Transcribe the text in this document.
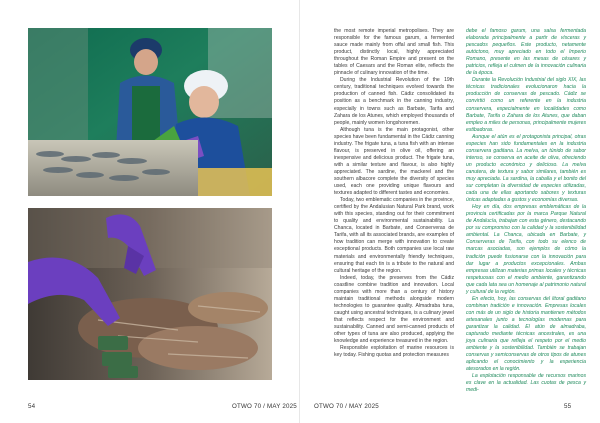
54	OTWO 70 / MAY 2025	OTWO 70 / MAY 2025	55

the most remote imperial metropolises. They are responsible for the famous garum, a fermented sauce made mainly from offal and small fish. This product, distinctly local, highly appreciated throughout the Roman Empire and present on the tables of Caesars and the Roman elite, reflects the pinnacle of culinary innovation of the time.

During the Industrial Revolution of the 19th century, traditional techniques evolved towards the production of canned fish. Cádiz consolidated its position as a benchmark in the canning industry, especially in towns such as Barbate, Tarifa and Zahara de los Atunes, which employed thousands of people, mainly women longshoremen.

Although tuna is the main protagonist, other species have been fundamental in the Cádiz canning industry. The frigate tuna, a tuna fish with an intense flavour, is preserved in olive oil, offering an inexpensive and delicious product. The frigate tuna, with a similar texture and flavour, is also highly appreciated. The sardine, the mackerel and the southern albacore complete the diversity of species used, each one providing unique flavours and textures adapted to different tastes and economies.

Today, two emblematic companies in the province, certified by the Andalusian Natural Park brand, work with this species, standing out for their commitment to quality and environmental sustainability. La Chanca, located in Barbate, and Conserveras de Tarifa, with all its associated brands, are examples of how tradition can merge with innovation to create exceptional products. Both companies use local raw materials and environmentally friendly techniques, ensuring that each tin is a tribute to the natural and cultural heritage of the region.

Indeed, today, the preserves from the Cádiz coastline combine tradition and innovation. Local companies with more than a century of history maintain traditional methods alongside modern technologies to guarantee quality. Almadraba tuna, caught using ancestral techniques, is a culinary jewel that reflects respect for the environment and sustainability. Canned and semi-canned products of other types of tuna are also produced, applying the knowledge and experience treasured in the region.

Responsible exploitation of marine resources is key today. Fishing quotas and protection measures

debe el famoso garum, una salsa fermentada elaborada principalmente a partir de vísceras y pescados pequeños. Este producto, netamente autóctono, muy apreciado en todo el Imperio Romano, presente en las mesas de césares y patricios, refleja el culmen de la innovación culinaria de la época.

Durante la Revolución Industrial del siglo XIX, las técnicas tradicionales evolucionaron hacia la producción de conservas de pescado. Cádiz se convirtió como un referente en la industria conservera, especialmente en localidades como Barbate, Tarifa o Zahara de los Atunes, que daban empleo a miles de personas, principalmente mujeres estibadoras.

Aunque el atún es el protagonista principal, otras especies han sido fundamentales en la industria conservera gaditana. La melva, un túnido de sabor intenso, se conserva en aceite de oliva, ofreciendo un producto económico y delicioso. La melva canutera, de textura y sabor similares, también es muy apreciada. La sardina, la caballa y el bonito del sur completan la diversidad de especies utilizadas, cada una de ellas aportando sabores y texturas únicas adaptadas a gustos y economías diversas.

Hoy en día, dos empresas emblemáticas de la provincia certificadas por la marca Parque Natural de Andalucía, trabajan con esta género, destacando por su compromiso con la calidad y la sostenibilidad ambiental. La Chanca, ubicada en Barbate, y Conserveras de Tarifa, con todo su elenco de marcas asociadas, son ejemplos de cómo la tradición puede fusionarse con la innovación para dar lugar a productos excepcionales. Ambas empresas utilizan materias primas locales y técnicas respetuosas con el medio ambiente, garantizando que cada lata sea un homenaje al patrimonio natural y cultural de la región.

En efecto, hoy, las conservas del litoral gaditano combinan tradición e innovación. Empresas locales con más de un siglo de historia mantienen métodos artesanales junto a tecnologías modernas para garantizar la calidad. El atún de almadraba, capturado mediante técnicas ancestrales, es una joya culinaria que refleja el respeto por el medio ambiente y la sostenibilidad. También se trabajan conservas y semiconservas de otros tipos de atunes aplicando el conocimiento y la experiencia atesorados en la región.

La explotación responsable de recursos marinos es clave en la actualidad. Las cuotas de pesca y medi-
